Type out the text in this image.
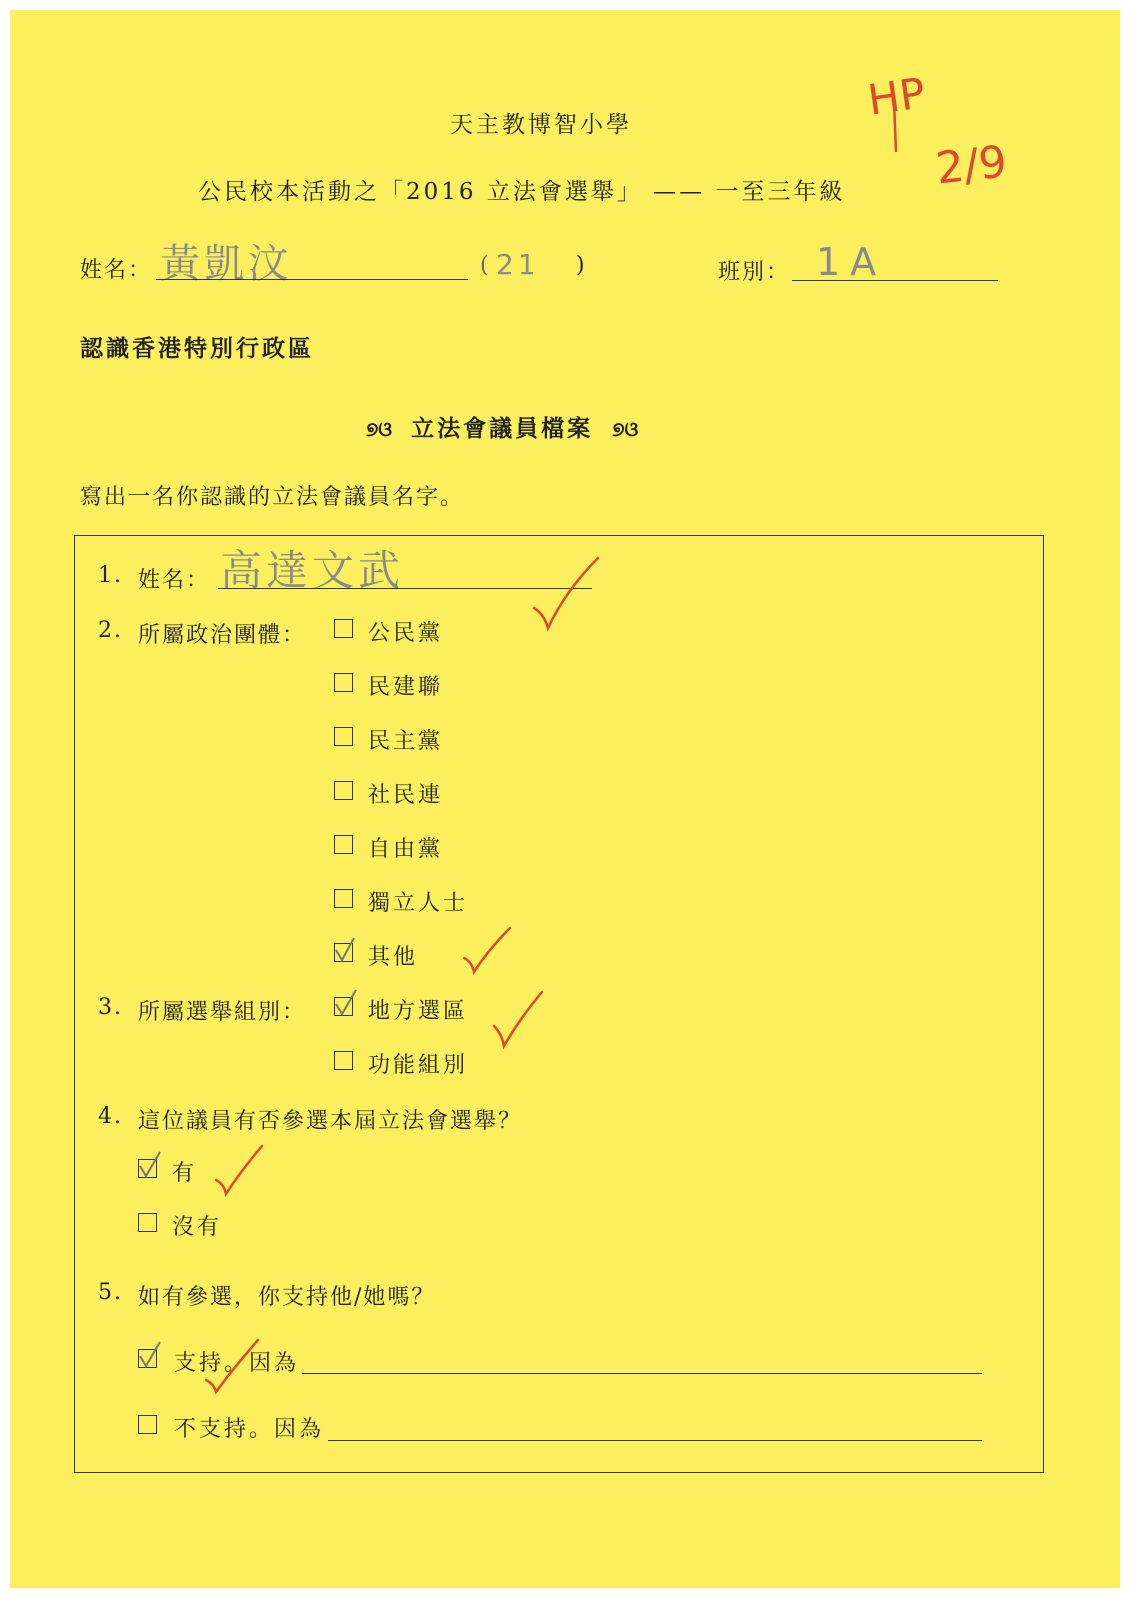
天主教博智小學
公民校本活動之「2016 立法會選舉」 —— 一至三年級
HP
2/9
姓名： 黃凱汶	( 21 )	班別： 1A
認識香港特別行政區
୭ଓ 立法會議員檔案 ୭ଓ
寫出一名你認識的立法會議員名字。
1. 姓名： 高達文武
2. 所屬政治團體：	公民黨
民建聯
民主黨
社民連
自由黨
獨立人士
其他
3. 所屬選舉組別：	地方選區
功能組別
4. 這位議員有否參選本屆立法會選舉？
有
沒有
5. 如有參選，你支持他/她嗎？
支持。因為
不支持。因為
